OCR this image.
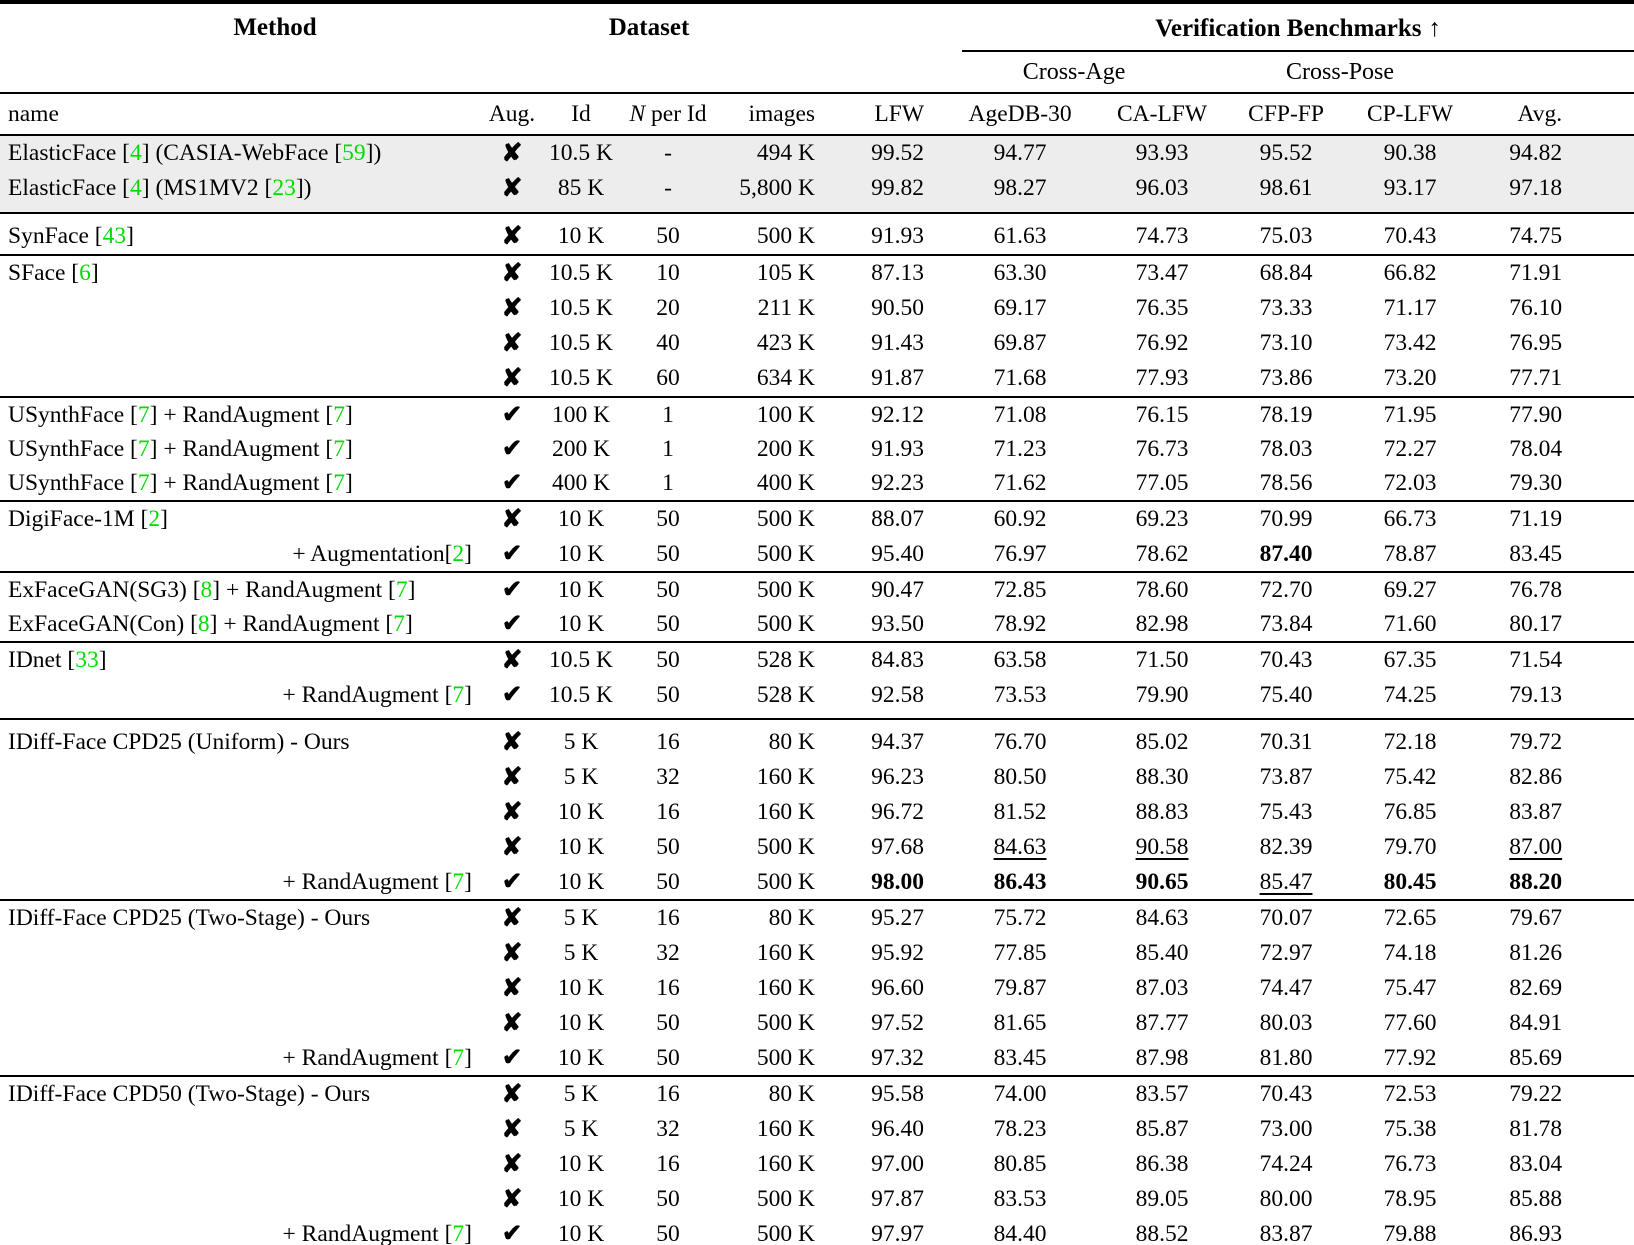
Method	Dataset				Verification Benchmarks ↑					

						Cross-Age		Cross-Pose		
name	Aug.	Id	N per Id	images	LFW	AgeDB-30	CA-LFW	CFP-FP	CP-LFW	Avg.
ElasticFace [4] (CASIA-WebFace [59])	✘	10.5 K	-	494 K	99.52	94.77	93.93	95.52	90.38	94.82
ElasticFace [4] (MS1MV2 [23])	✘	85 K	-	5,800 K	99.82	98.27	96.03	98.61	93.17	97.18
SynFace [43]	✘	10 K	50	500 K	91.93	61.63	74.73	75.03	70.43	74.75
SFace [6]	✘	10.5 K	10	105 K	87.13	63.30	73.47	68.84	66.82	71.91
	✘	10.5 K	20	211 K	90.50	69.17	76.35	73.33	71.17	76.10
	✘	10.5 K	40	423 K	91.43	69.87	76.92	73.10	73.42	76.95
	✘	10.5 K	60	634 K	91.87	71.68	77.93	73.86	73.20	77.71
USynthFace [7] + RandAugment [7]	✔	100 K	1	100 K	92.12	71.08	76.15	78.19	71.95	77.90
USynthFace [7] + RandAugment [7]	✔	200 K	1	200 K	91.93	71.23	76.73	78.03	72.27	78.04
USynthFace [7] + RandAugment [7]	✔	400 K	1	400 K	92.23	71.62	77.05	78.56	72.03	79.30
DigiFace-1M [2]	✘	10 K	50	500 K	88.07	60.92	69.23	70.99	66.73	71.19
+ Augmentation[2]	✔	10 K	50	500 K	95.40	76.97	78.62	87.40	78.87	83.45
ExFaceGAN(SG3) [8] + RandAugment [7]	✔	10 K	50	500 K	90.47	72.85	78.60	72.70	69.27	76.78
ExFaceGAN(Con) [8] + RandAugment [7]	✔	10 K	50	500 K	93.50	78.92	82.98	73.84	71.60	80.17
IDnet [33]	✘	10.5 K	50	528 K	84.83	63.58	71.50	70.43	67.35	71.54
+ RandAugment [7]	✔	10.5 K	50	528 K	92.58	73.53	79.90	75.40	74.25	79.13
IDiff-Face CPD25 (Uniform) - Ours	✘	5 K	16	80 K	94.37	76.70	85.02	70.31	72.18	79.72
	✘	5 K	32	160 K	96.23	80.50	88.30	73.87	75.42	82.86
	✘	10 K	16	160 K	96.72	81.52	88.83	75.43	76.85	83.87
	✘	10 K	50	500 K	97.68	84.63	90.58	82.39	79.70	87.00
+ RandAugment [7]	✔	10 K	50	500 K	98.00	86.43	90.65	85.47	80.45	88.20
IDiff-Face CPD25 (Two-Stage) - Ours	✘	5 K	16	80 K	95.27	75.72	84.63	70.07	72.65	79.67
	✘	5 K	32	160 K	95.92	77.85	85.40	72.97	74.18	81.26
	✘	10 K	16	160 K	96.60	79.87	87.03	74.47	75.47	82.69
	✘	10 K	50	500 K	97.52	81.65	87.77	80.03	77.60	84.91
+ RandAugment [7]	✔	10 K	50	500 K	97.32	83.45	87.98	81.80	77.92	85.69
IDiff-Face CPD50 (Two-Stage) - Ours	✘	5 K	16	80 K	95.58	74.00	83.57	70.43	72.53	79.22
	✘	5 K	32	160 K	96.40	78.23	85.87	73.00	75.38	81.78
	✘	10 K	16	160 K	97.00	80.85	86.38	74.24	76.73	83.04
	✘	10 K	50	500 K	97.87	83.53	89.05	80.00	78.95	85.88
+ RandAugment [7]	✔	10 K	50	500 K	97.97	84.40	88.52	83.87	79.88	86.93
